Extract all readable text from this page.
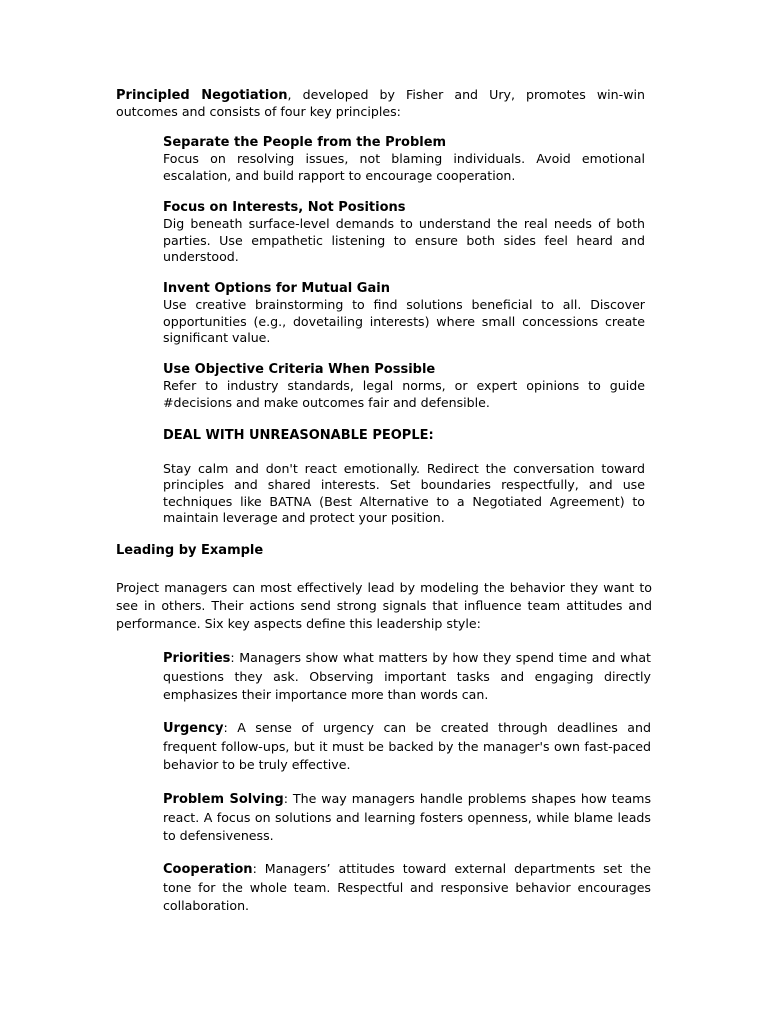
Principled Negotiation, developed by Fisher and Ury, promotes win-win outcomes and consists of four key principles:

Separate the People from the Problem
Focus on resolving issues, not blaming individuals. Avoid emotional escalation, and build rapport to encourage cooperation.
Focus on Interests, Not Positions
Dig beneath surface-level demands to understand the real needs of both parties. Use empathetic listening to ensure both sides feel heard and understood.
Invent Options for Mutual Gain
Use creative brainstorming to find solutions beneficial to all. Discover opportunities (e.g., dovetailing interests) where small concessions create significant value.
Use Objective Criteria When Possible
Refer to industry standards, legal norms, or expert opinions to guide #decisions and make outcomes fair and defensible.
DEAL WITH UNREASONABLE PEOPLE:
Stay calm and don't react emotionally. Redirect the conversation toward principles and shared interests. Set boundaries respectfully, and use techniques like BATNA (Best Alternative to a Negotiated Agreement) to maintain leverage and protect your position.
Leading by Example

Project managers can most effectively lead by modeling the behavior they want to see in others. Their actions send strong signals that influence team attitudes and performance. Six key aspects define this leadership style:

Priorities: Managers show what matters by how they spend time and what questions they ask. Observing important tasks and engaging directly emphasizes their importance more than words can.

Urgency: A sense of urgency can be created through deadlines and frequent follow-ups, but it must be backed by the manager's own fast-paced behavior to be truly effective.

Problem Solving: The way managers handle problems shapes how teams react. A focus on solutions and learning fosters openness, while blame leads to defensiveness.

Cooperation: Managers’ attitudes toward external departments set the tone for the whole team. Respectful and responsive behavior encourages collaboration.
